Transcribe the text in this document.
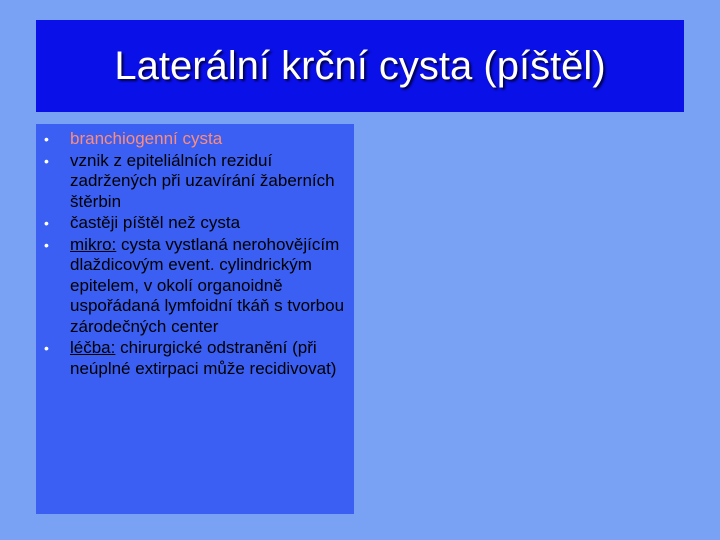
Laterální krční cysta (píštěl)
• branchiogenní cysta
• vznik z epiteliálních reziduí zadržených při uzavírání žaberních štěrbin
• častěji píštěl než cysta
• mikro: cysta vystlaná nerohovějícím dlaždicovým event. cylindrickým epitelem, v okolí organoidně uspořádaná lymfoidní tkáň s tvorbou zárodečných center
• léčba: chirurgické odstranění (při neúplné extirpaci může recidivovat)
